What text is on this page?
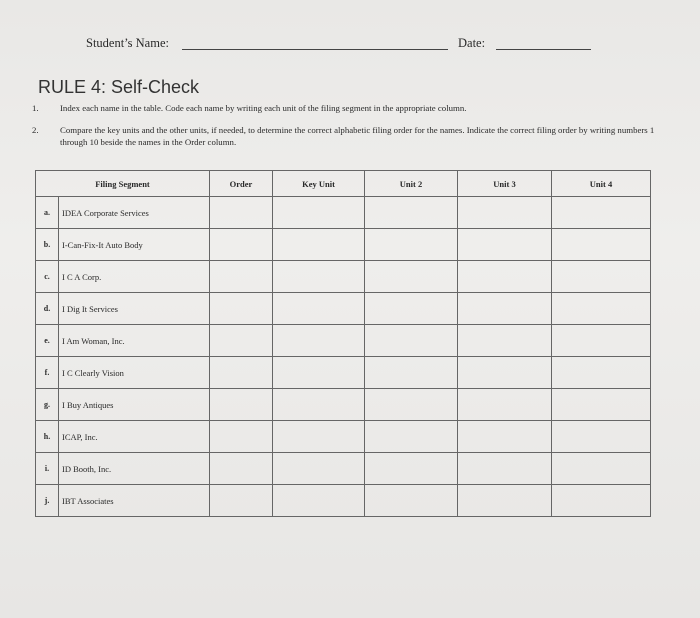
Student’s Name:	Date:
RULE 4: Self-Check
1. Index each name in the table. Code each name by writing each unit of the filing segment in the appropriate column.
2. Compare the key units and the other units, if needed, to determine the correct alphabetic filing order for the names. Indicate the correct filing order by writing numbers 1 through 10 beside the names in the Order column.
Filing Segment		Order	Key Unit	Unit 2	Unit 3	Unit 4
a.	IDEA Corporate Services					
b.	I-Can-Fix-It Auto Body					
c.	I C A Corp.					
d.	I Dig It Services					
e.	I Am Woman, Inc.					
f.	I C Clearly Vision					
g.	I Buy Antiques					
h.	ICAP, Inc.					
i.	ID Booth, Inc.					
j.	IBT Associates					
